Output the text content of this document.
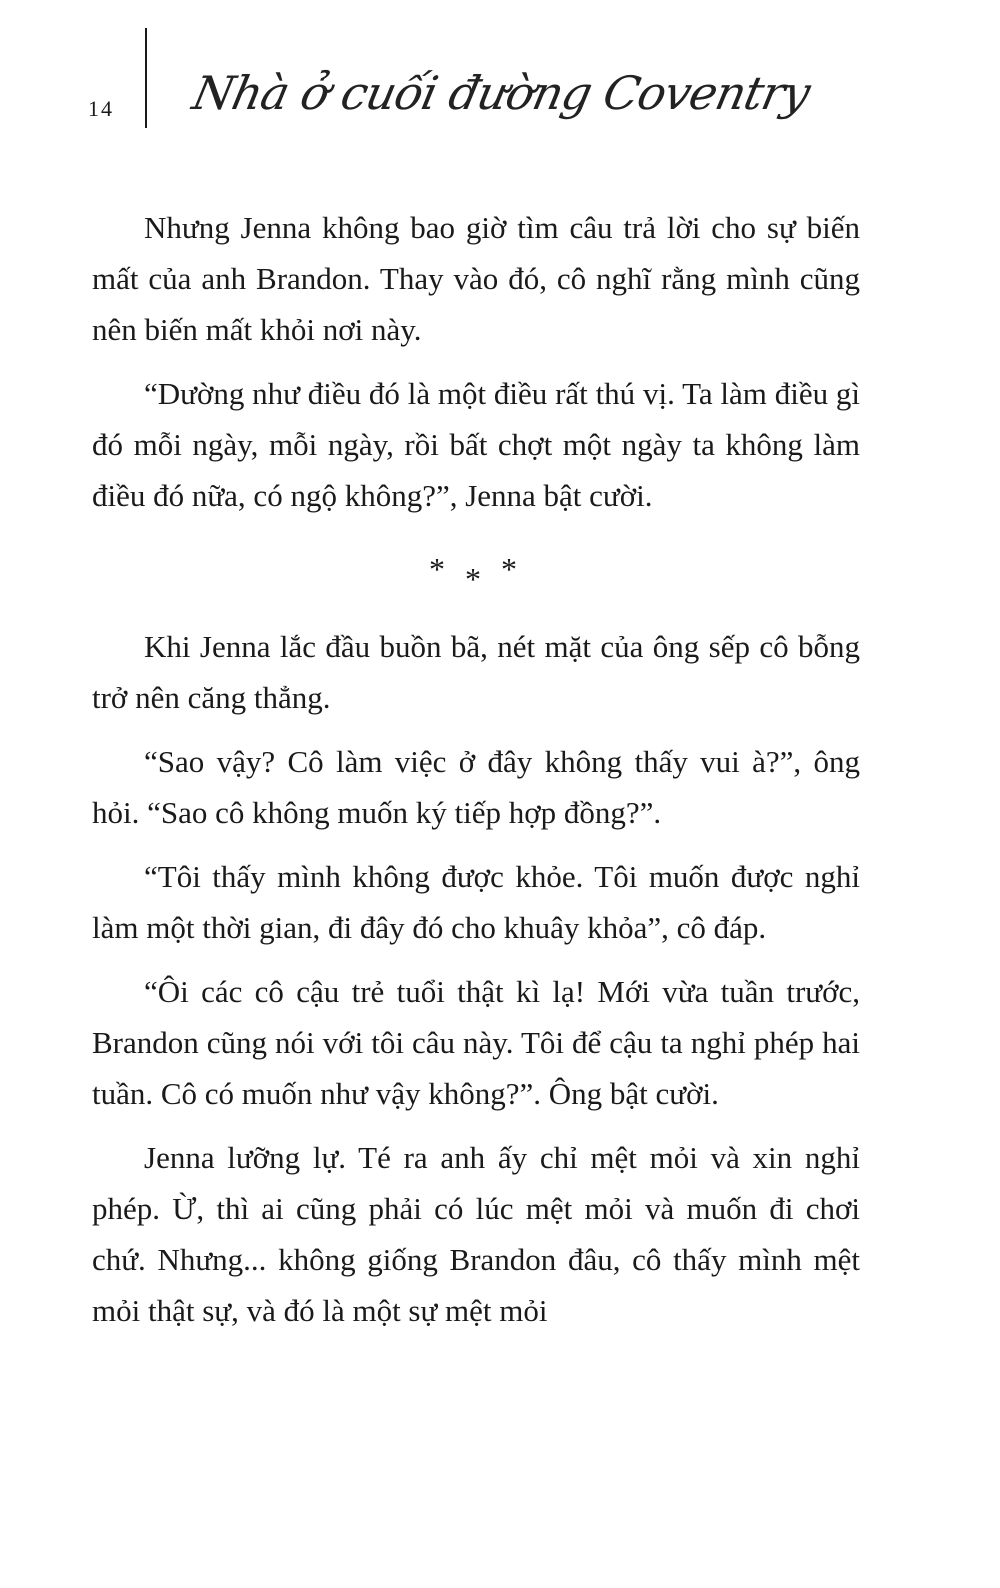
14 Nhà ở cuối đường Coventry

Nhưng Jenna không bao giờ tìm câu trả lời cho sự biến mất của anh Brandon. Thay vào đó, cô nghĩ rằng mình cũng nên biến mất khỏi nơi này.

“Dường như điều đó là một điều rất thú vị. Ta làm điều gì đó mỗi ngày, mỗi ngày, rồi bất chợt một ngày ta không làm điều đó nữa, có ngộ không?”, Jenna bật cười.

* * *

Khi Jenna lắc đầu buồn bã, nét mặt của ông sếp cô bỗng trở nên căng thẳng.

“Sao vậy? Cô làm việc ở đây không thấy vui à?”, ông hỏi. “Sao cô không muốn ký tiếp hợp đồng?”.

“Tôi thấy mình không được khỏe. Tôi muốn được nghỉ làm một thời gian, đi đây đó cho khuây khỏa”, cô đáp.

“Ôi các cô cậu trẻ tuổi thật kì lạ! Mới vừa tuần trước, Brandon cũng nói với tôi câu này. Tôi để cậu ta nghỉ phép hai tuần. Cô có muốn như vậy không?”. Ông bật cười.

Jenna lưỡng lự. Té ra anh ấy chỉ mệt mỏi và xin nghỉ phép. Ừ, thì ai cũng phải có lúc mệt mỏi và muốn đi chơi chứ. Nhưng... không giống Brandon đâu, cô thấy mình mệt mỏi thật sự, và đó là một sự mệt mỏi
